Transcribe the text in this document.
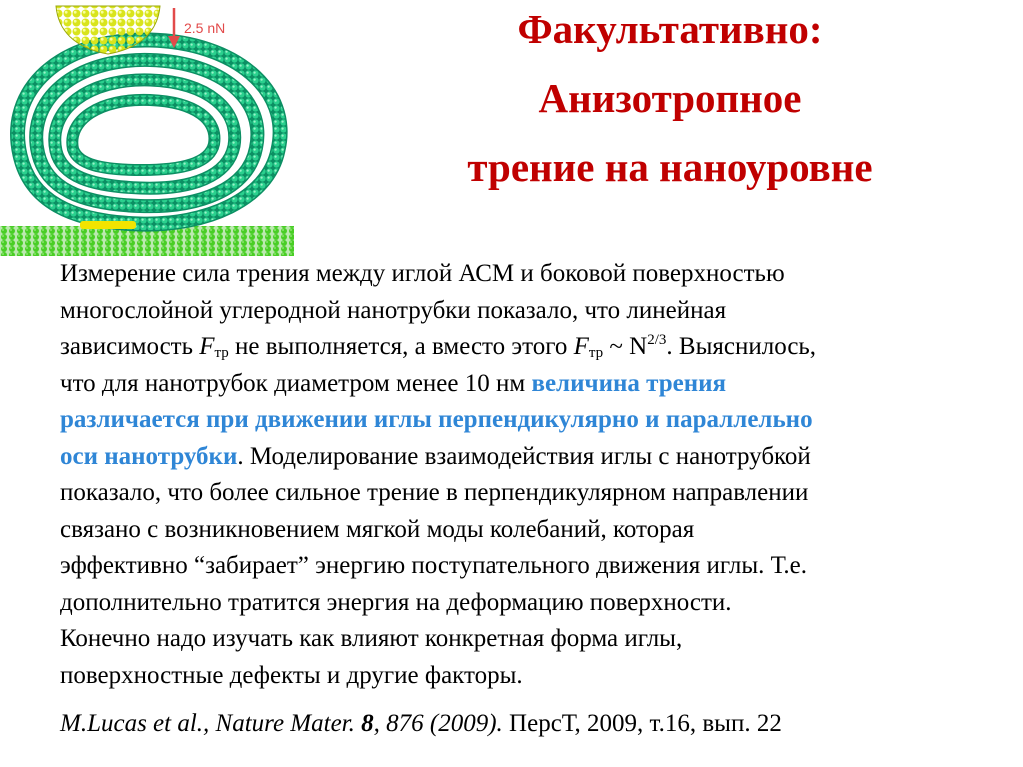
2.5 nN	Факультативно:
Анизотропное
трение на наноуровне
Измерение сила трения между иглой АСМ и боковой поверхностью
многослойной углеродной нанотрубки показало, что линейная
зависимость $F_{тр}$ не выполняется, а вместо этого $F_{тр}$ ~ $N^{2/3}$. Выяснилось,
что для нанотрубок диаметром менее 10 нм величина трения
различается при движении иглы перпендикулярно и параллельно
оси нанотрубки. Моделирование взаимодействия иглы с нанотрубкой
показало, что более сильное трение в перпендикулярном направлении
связано с возникновением мягкой моды колебаний, которая
эффективно “забирает” энергию поступательного движения иглы. Т.е.
дополнительно тратится энергия на деформацию поверхности.
Конечно надо изучать как влияют конкретная форма иглы,
поверхностные дефекты и другие факторы.
M.Lucas et al., Nature Mater. 8, 876 (2009). ПерсТ, 2009, т.16, вып. 22
